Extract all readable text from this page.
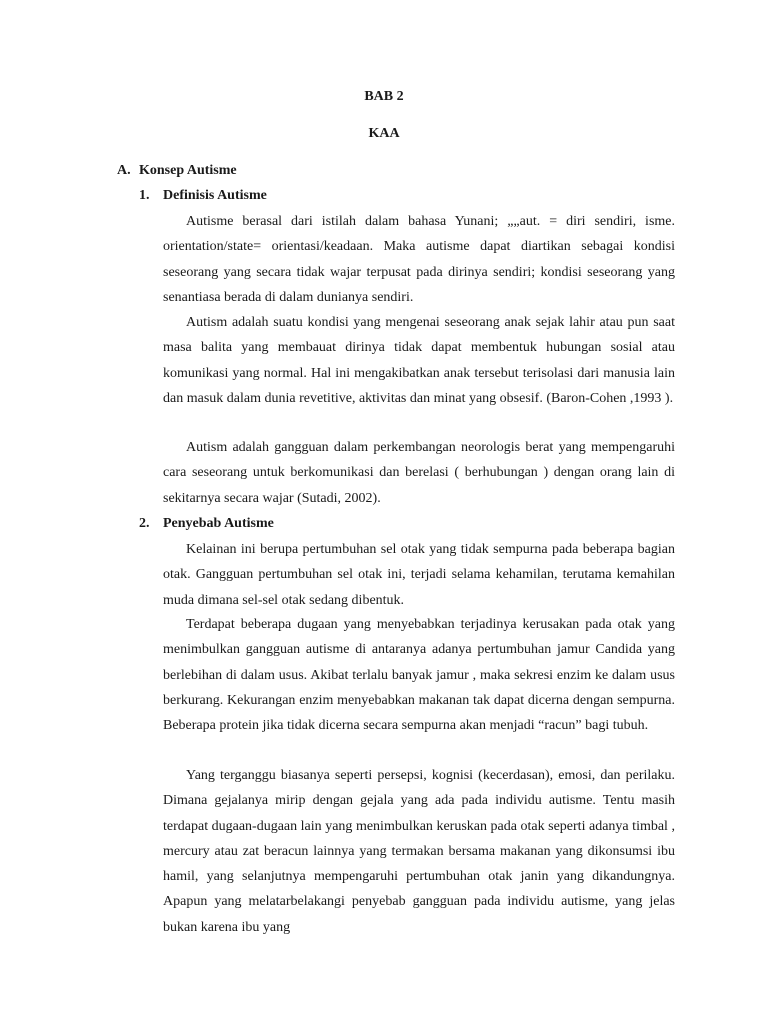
BAB 2
KAA
A. Konsep Autisme
1. Definisis Autisme

Autisme berasal dari istilah dalam bahasa Yunani; „„aut. = diri sendiri, isme. orientation/state= orientasi/keadaan. Maka autisme dapat diartikan sebagai kondisi seseorang yang secara tidak wajar terpusat pada dirinya sendiri; kondisi seseorang yang senantiasa berada di dalam dunianya sendiri.

Autism adalah suatu kondisi yang mengenai seseorang anak sejak lahir atau pun saat masa balita yang membauat dirinya tidak dapat membentuk hubungan sosial atau komunikasi yang normal. Hal ini mengakibatkan anak tersebut terisolasi dari manusia lain dan masuk dalam dunia revetitive, aktivitas dan minat yang obsesif. (Baron-Cohen ,1993 ).

Autism adalah gangguan dalam perkembangan neorologis berat yang mempengaruhi cara seseorang untuk berkomunikasi dan berelasi ( berhubungan ) dengan orang lain di sekitarnya secara wajar (Sutadi, 2002).

2. Penyebab Autisme

Kelainan ini berupa pertumbuhan sel otak yang tidak sempurna pada beberapa bagian otak. Gangguan pertumbuhan sel otak ini, terjadi selama kehamilan, terutama kemahilan muda dimana sel-sel otak sedang dibentuk.

Terdapat beberapa dugaan yang menyebabkan terjadinya kerusakan pada otak yang menimbulkan gangguan autisme di antaranya adanya pertumbuhan jamur Candida yang berlebihan di dalam usus. Akibat terlalu banyak jamur , maka sekresi enzim ke dalam usus berkurang. Kekurangan enzim menyebabkan makanan tak dapat dicerna dengan sempurna. Beberapa protein jika tidak dicerna secara sempurna akan menjadi “racun” bagi tubuh.

Yang terganggu biasanya seperti persepsi, kognisi (kecerdasan), emosi, dan perilaku. Dimana gejalanya mirip dengan gejala yang ada pada individu autisme. Tentu masih terdapat dugaan-dugaan lain yang menimbulkan keruskan pada otak seperti adanya timbal , mercury atau zat beracun lainnya yang termakan bersama makanan yang dikonsumsi ibu hamil, yang selanjutnya mempengaruhi pertumbuhan otak janin yang dikandungnya. Apapun yang melatarbelakangi penyebab gangguan pada individu autisme, yang jelas bukan karena ibu yang
